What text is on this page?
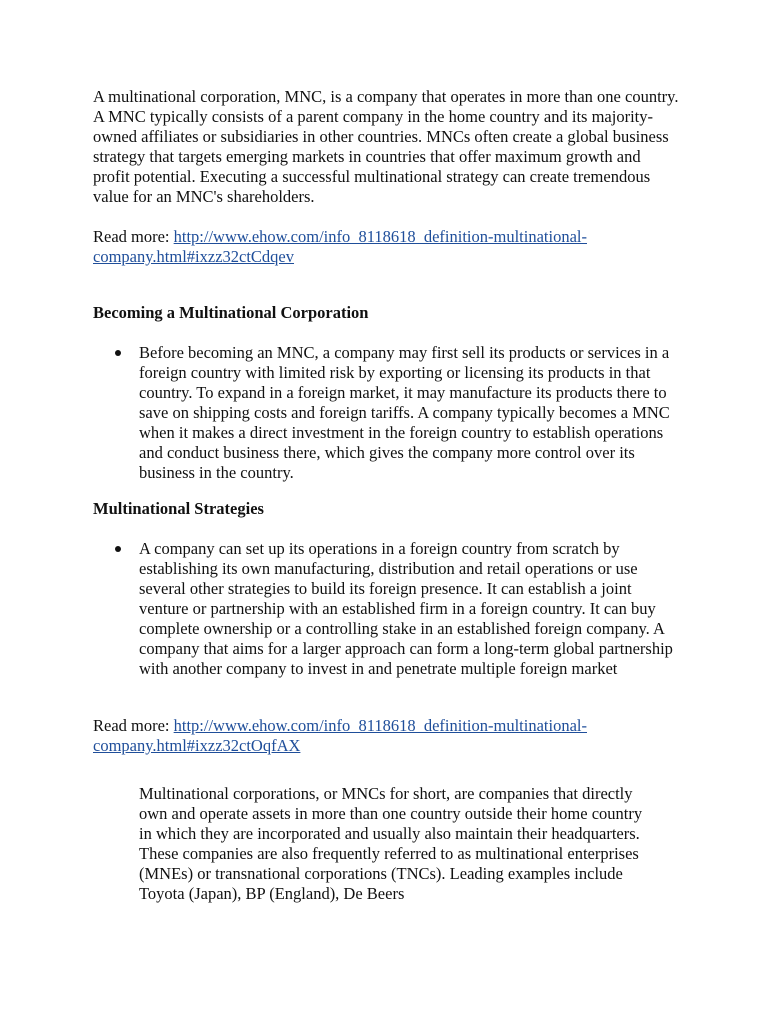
A multinational corporation, MNC, is a company that operates in more than one country. A MNC typically consists of a parent company in the home country and its majority-owned affiliates or subsidiaries in other countries. MNCs often create a global business strategy that targets emerging markets in countries that offer maximum growth and profit potential. Executing a successful multinational strategy can create tremendous value for an MNC's shareholders.

Read more: http://www.ehow.com/info_8118618_definition-multinational-company.html#ixzz32ctCdqev

Becoming a Multinational Corporation

Before becoming an MNC, a company may first sell its products or services in a foreign country with limited risk by exporting or licensing its products in that country. To expand in a foreign market, it may manufacture its products there to save on shipping costs and foreign tariffs. A company typically becomes a MNC when it makes a direct investment in the foreign country to establish operations and conduct business there, which gives the company more control over its business in the country.

Multinational Strategies

A company can set up its operations in a foreign country from scratch by establishing its own manufacturing, distribution and retail operations or use several other strategies to build its foreign presence. It can establish a joint venture or partnership with an established firm in a foreign country. It can buy complete ownership or a controlling stake in an established foreign company. A company that aims for a larger approach can form a long-term global partnership with another company to invest in and penetrate multiple foreign market

Read more: http://www.ehow.com/info_8118618_definition-multinational-company.html#ixzz32ctOqfAX

Multinational corporations, or MNCs for short, are companies that directly own and operate assets in more than one country outside their home country in which they are incorporated and usually also maintain their headquarters. These companies are also frequently referred to as multinational enterprises (MNEs) or transnational corporations (TNCs). Leading examples include Toyota (Japan), BP (England), De Beers
